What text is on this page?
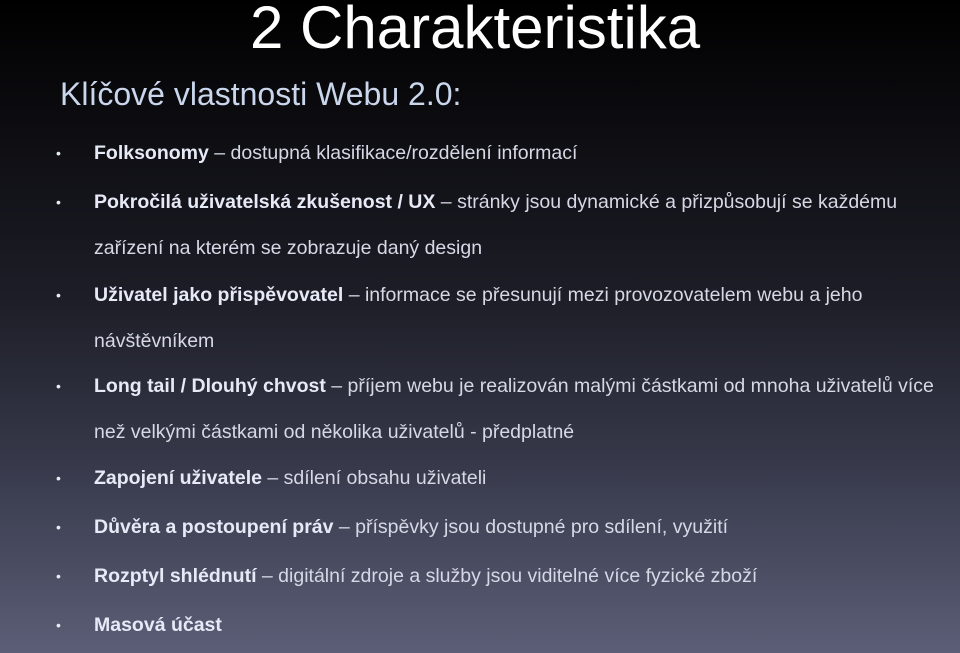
2 Charakteristika
Klíčové vlastnosti Webu 2.0:
• Folksonomy – dostupná klasifikace/rozdělení informací
• Pokročilá uživatelská zkušenost / UX – stránky jsou dynamické a přizpůsobují se každému zařízení na kterém se zobrazuje daný design
• Uživatel jako přispěvovatel – informace se přesunují mezi provozovatelem webu a jeho návštěvníkem
• Long tail / Dlouhý chvost – příjem webu je realizován malými částkami od mnoha uživatelů více než velkými částkami od několika uživatelů - předplatné
• Zapojení uživatele – sdílení obsahu uživateli
• Důvěra a postoupení práv – příspěvky jsou dostupné pro sdílení, využití
• Rozptyl shlédnutí – digitální zdroje a služby jsou viditelné více fyzické zboží
• Masová účast
